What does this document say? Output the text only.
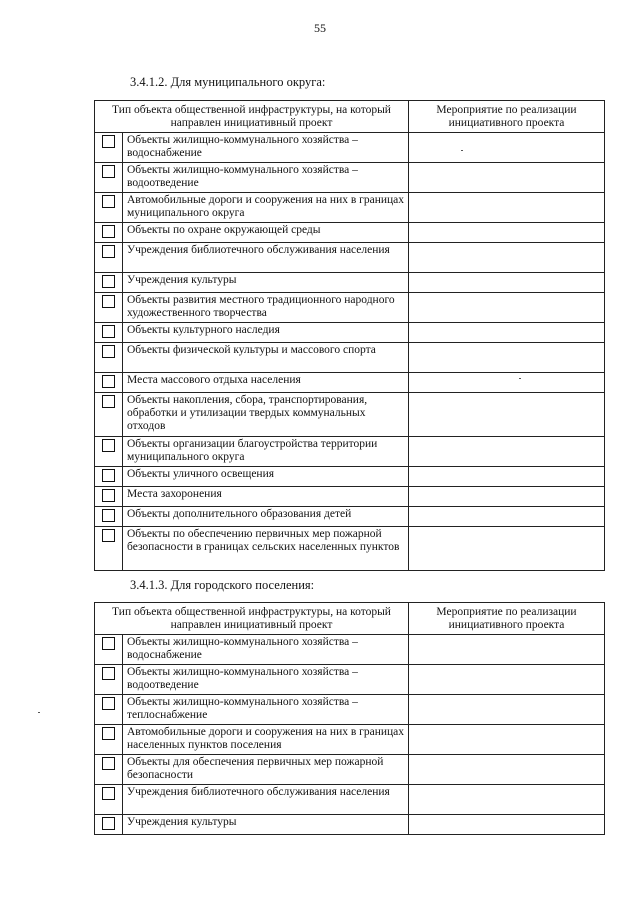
55
3.4.1.2. Для муниципального округа:
Тип объекта общественной инфраструктуры, на который направлен инициативный проект		Мероприятие по реализации инициативного проекта
	Объекты жилищно-коммунального хозяйства – водоснабжение	
	Объекты жилищно-коммунального хозяйства – водоотведение	
	Автомобильные дороги и сооружения на них в границах муниципального округа	
	Объекты по охране окружающей среды	
	Учреждения библиотечного обслуживания населения	
	Учреждения культуры	
	Объекты развития местного традиционного народного художественного творчества	
	Объекты культурного наследия	
	Объекты физической культуры и массового спорта	
	Места массового отдыха населения	
	Объекты накопления, сбора, транспортирования, обработки и утилизации твердых коммунальных отходов	
	Объекты организации благоустройства территории муниципального округа	
	Объекты уличного освещения	
	Места захоронения	
	Объекты дополнительного образования детей	
	Объекты по обеспечению первичных мер пожарной безопасности в границах сельских населенных пунктов	
3.4.1.3. Для городского поселения:
Тип объекта общественной инфраструктуры, на который направлен инициативный проект		Мероприятие по реализации инициативного проекта
	Объекты жилищно-коммунального хозяйства – водоснабжение	
	Объекты жилищно-коммунального хозяйства – водоотведение	
	Объекты жилищно-коммунального хозяйства – теплоснабжение	
	Автомобильные дороги и сооружения на них в границах населенных пунктов поселения	
	Объекты для обеспечения первичных мер пожарной безопасности	
	Учреждения библиотечного обслуживания населения	
	Учреждения культуры	
